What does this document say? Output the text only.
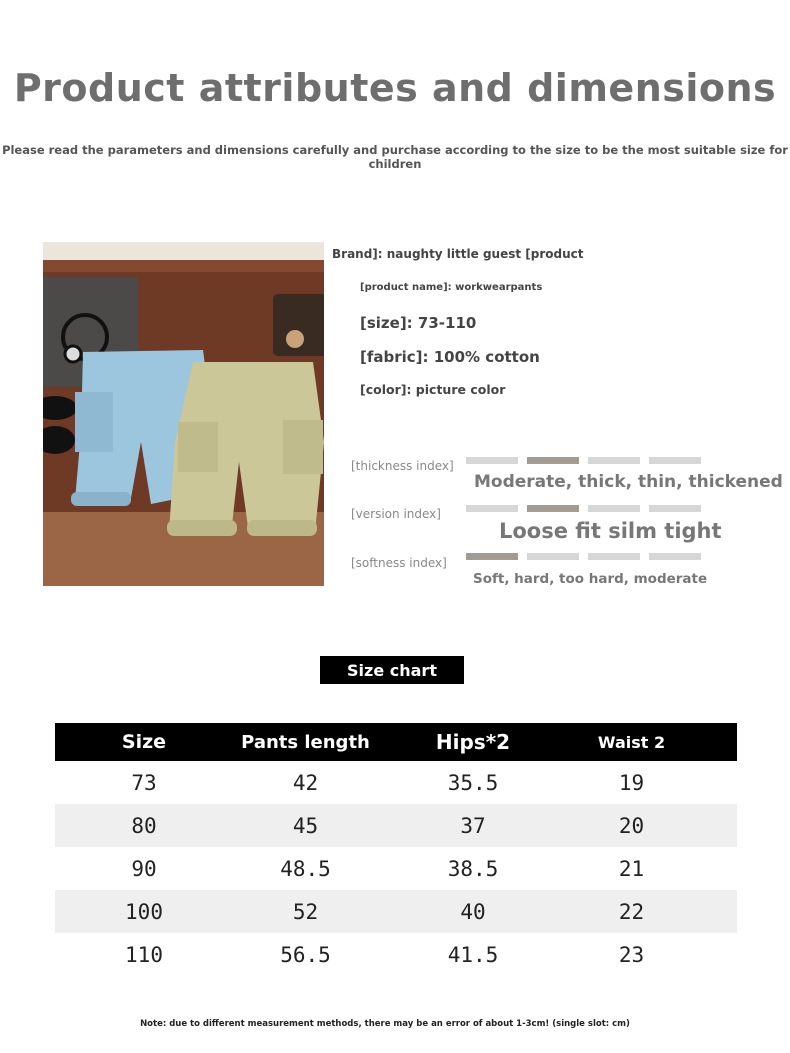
Product attributes and dimensions
Please read the parameters and dimensions carefully and purchase according to the size to be the most suitable size for children
Brand]: naughty little guest [product
[product name]: workwearpants
[size]: 73-110
[fabric]: 100% cotton
[color]: picture color
[thickness index]
Moderate, thick, thin, thickened
[version index]
Loose fit silm tight
[softness index]
Soft, hard, too hard, moderate
Size chart
Size	Pants length	Hips*2	Waist 2
73	42	35.5	19
80	45	37	20
90	48.5	38.5	21
100	52	40	22
110	56.5	41.5	23
Note: due to different measurement methods, there may be an error of about 1-3cm! (single slot: cm)
